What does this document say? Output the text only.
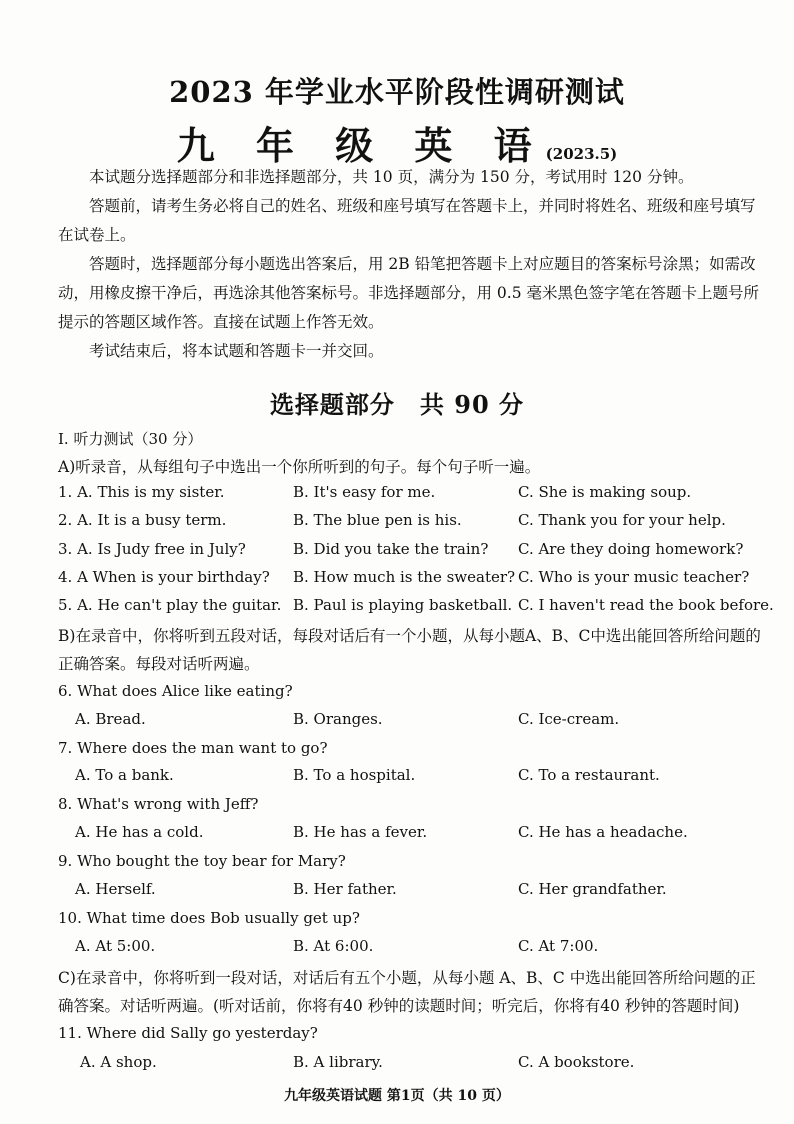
2023 年学业水平阶段性调研测试
九 年 级 英 语(2023.5)

本试题分选择题部分和非选择题部分，共 10 页，满分为 150 分，考试用时 120 分钟。

答题前，请考生务必将自己的姓名、班级和座号填写在答题卡上，并同时将姓名、班级和座号填写在试卷上。

答题时，选择题部分每小题选出答案后，用 2B 铅笔把答题卡上对应题目的答案标号涂黑；如需改动，用橡皮擦干净后，再选涂其他答案标号。非选择题部分，用 0.5 毫米黑色签字笔在答题卡上题号所提示的答题区域作答。直接在试题上作答无效。

考试结束后，将本试题和答题卡一并交回。

选择题部分　共 90 分
I. 听力测试（30 分）
A)听录音，从每组句子中选出一个你所听到的句子。每个句子听一遍。
1. A. This is my sister.	B. It's easy for me.	C. She is making soup.
2. A. It is a busy term.	B. The blue pen is his.	C. Thank you for your help.
3. A. Is Judy free in July?	B. Did you take the train? C. Are they doing homework?
4. A When is your birthday? B. How much is the sweater? C. Who is your music teacher?
5. A. He can't play the guitar. B. Paul is playing basketball. C. I haven't read the book before.
B)在录音中，你将听到五段对话，每段对话后有一个小题，从每小题A、B、C中选出能回答所给问题的正确答案。每段对话听两遍。
6. What does Alice like eating?
A. Bread.	B. Oranges.	C. Ice-cream.
7. Where does the man want to go?
A. To a bank.	B. To a hospital.	C. To a restaurant.
8. What's wrong with Jeff?
A. He has a cold.	B. He has a fever.	C. He has a headache.
9. Who bought the toy bear for Mary?
A. Herself.	B. Her father.	C. Her grandfather.
10. What time does Bob usually get up?
A. At 5:00.	B. At 6:00.	C. At 7:00.
C)在录音中，你将听到一段对话，对话后有五个小题，从每小题 A、B、C 中选出能回答所给问题的正确答案。对话听两遍。(听对话前，你将有40 秒钟的读题时间；听完后，你将有40 秒钟的答题时间)
11. Where did Sally go yesterday?
A. A shop.	B. A library.	C. A bookstore.
九年级英语试题 第1页（共 10 页）
